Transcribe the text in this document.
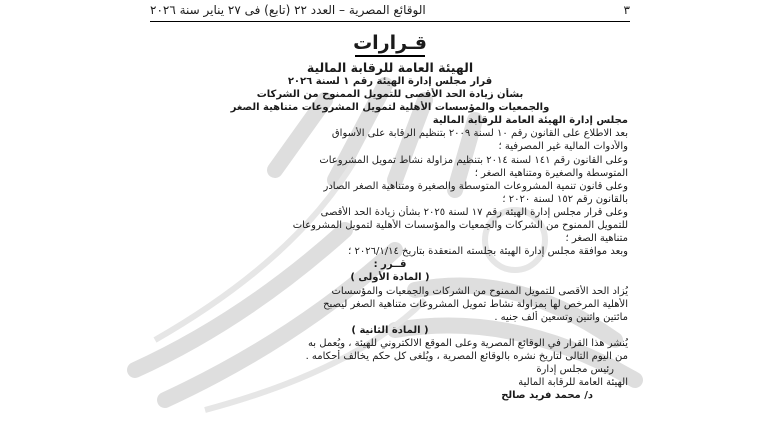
٣
الوقائع المصرية – العدد ٢٢ (تابع) فى ٢٧ يناير سنة ٢٠٢٦
قـرارات
الهيئة العامة للرقابة المالية
قرار مجلس إدارة الهيئة رقم ١ لسنة ٢٠٢٦
بشأن زيادة الحد الأقصى للتمويل الممنوح من الشركات
والجمعيات والمؤسسات الأهلية لتمويل المشروعات متناهية الصغر
مجلس إدارة الهيئة العامة للرقابة المالية
بعد الاطلاع على القانون رقم ١٠ لسنة ٢٠٠٩ بتنظيم الرقابة على الأسواق
والأدوات المالية غير المصرفية ؛
وعلى القانون رقم ١٤١ لسنة ٢٠١٤ بتنظيم مزاولة نشاط تمويل المشروعات
المتوسطة والصغيرة ومتناهية الصغر ؛
وعلى قانون تنمية المشروعات المتوسطة والصغيرة ومتناهية الصغر الصادر
بالقانون رقم ١٥٢ لسنة ٢٠٢٠ ؛
وعلى قرار مجلس إدارة الهيئة رقم ١٧ لسنة ٢٠٢٥ بشأن زيادة الحد الأقصى
للتمويل الممنوح من الشركات والجمعيات والمؤسسات الأهلية لتمويل المشروعات
متناهية الصغر ؛
وبعد موافقة مجلس إدارة الهيئة بجلسته المنعقدة بتاريخ ٢٠٢٦/١/١٤ ؛
قــرر :
( المادة الأولى )
يُزاد الحد الأقصى للتمويل الممنوح من الشركات والجمعيات والمؤسسات
الأهلية المرخص لها بمزاولة نشاط تمويل المشروعات متناهية الصغر ليصبح
مائتين واثنين وتسعين ألف جنيه .
( المادة الثانية )
يُنشر هذا القرار في الوقائع المصرية وعلى الموقع الالكتروني للهيئة ، ويُعمل به
من اليوم التالى لتاريخ نشره بالوقائع المصرية ، ويُلغى كل حكم يخالف أحكامه .
رئيس مجلس إدارة
الهيئة العامة للرقابة المالية
د/ محمد فريد صالح
